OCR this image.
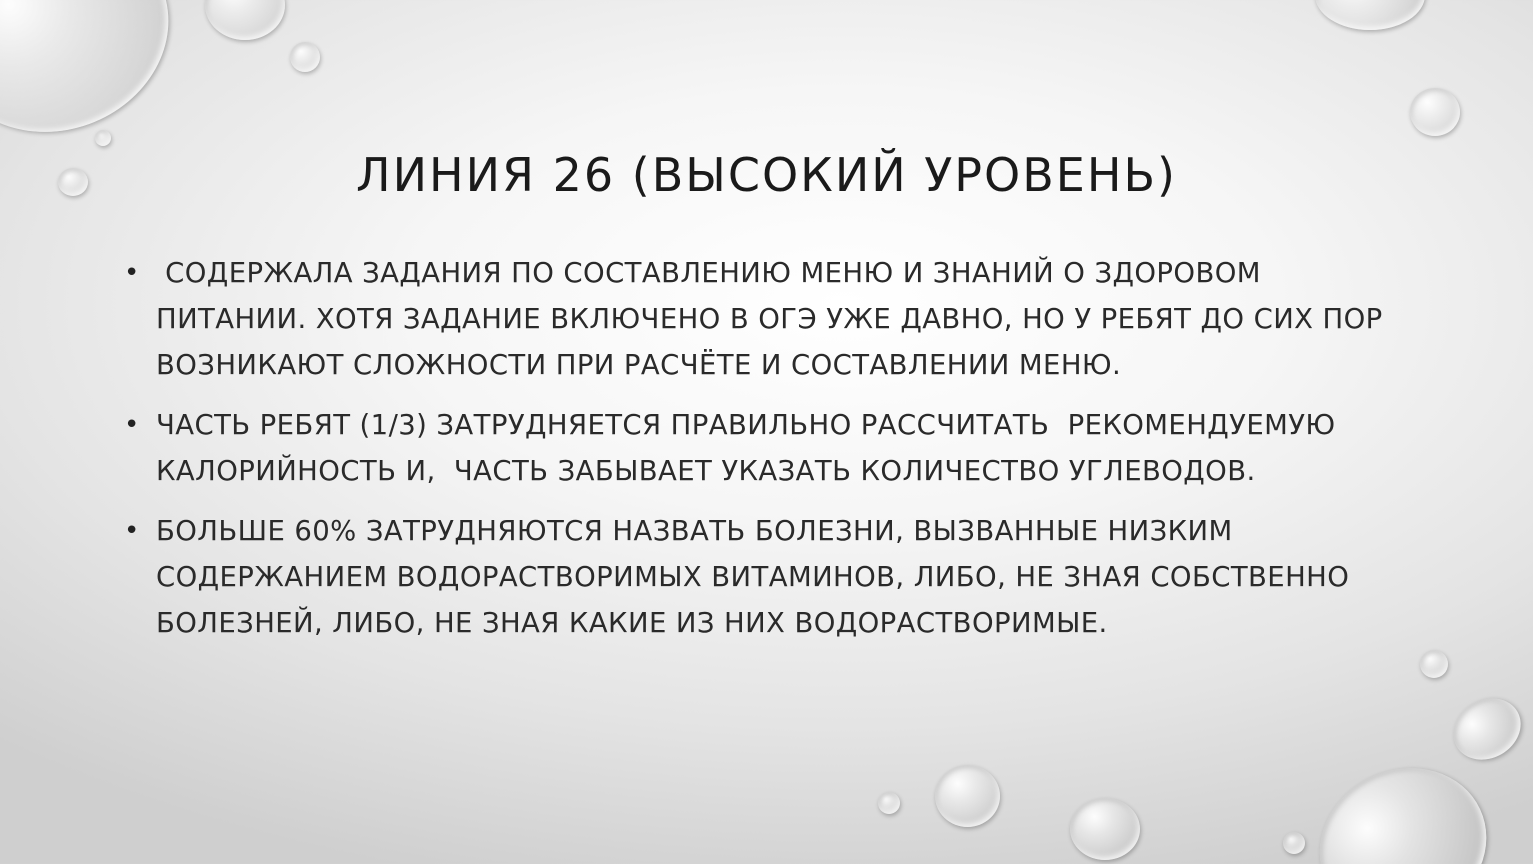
ЛИНИЯ 26 (ВЫСОКИЙ УРОВЕНЬ)
• СОДЕРЖАЛА ЗАДАНИЯ ПО СОСТАВЛЕНИЮ МЕНЮ И ЗНАНИЙ О ЗДОРОВОМ ПИТАНИИ. ХОТЯ ЗАДАНИЕ ВКЛЮЧЕНО В ОГЭ УЖЕ ДАВНО, НО У РЕБЯТ ДО СИХ ПОР ВОЗНИКАЮТ СЛОЖНОСТИ ПРИ РАСЧЁТЕ И СОСТАВЛЕНИИ МЕНЮ.
• ЧАСТЬ РЕБЯТ (1/3) ЗАТРУДНЯЕТСЯ ПРАВИЛЬНО РАССЧИТАТЬ  РЕКОМЕНДУЕМУЮ КАЛОРИЙНОСТЬ И,  ЧАСТЬ ЗАБЫВАЕТ УКАЗАТЬ КОЛИЧЕСТВО УГЛЕВОДОВ.
• БОЛЬШЕ 60% ЗАТРУДНЯЮТСЯ НАЗВАТЬ БОЛЕЗНИ, ВЫЗВАННЫЕ НИЗКИМ СОДЕРЖАНИЕМ ВОДОРАСТВОРИМЫХ ВИТАМИНОВ, ЛИБО, НЕ ЗНАЯ СОБСТВЕННО БОЛЕЗНЕЙ, ЛИБО, НЕ ЗНАЯ КАКИЕ ИЗ НИХ ВОДОРАСТВОРИМЫЕ.
